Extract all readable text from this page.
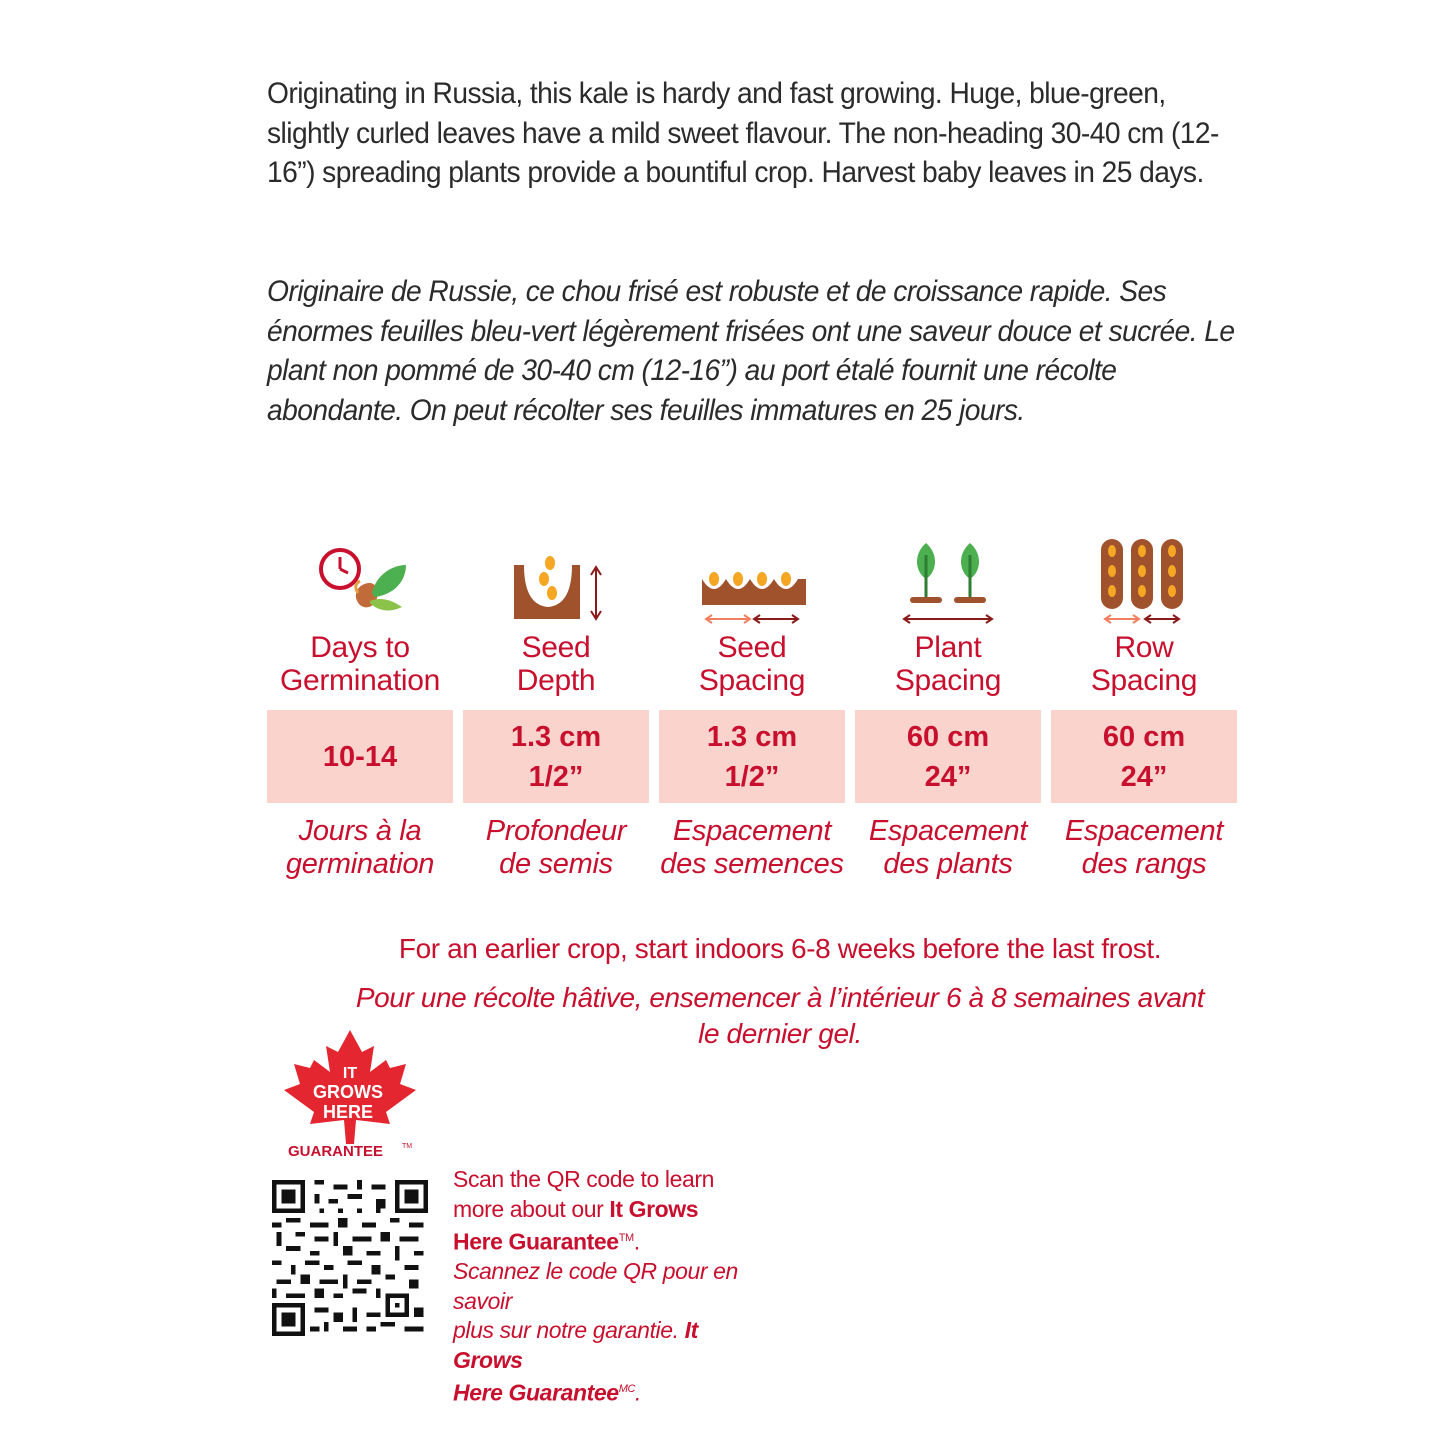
Originating in Russia, this kale is hardy and fast growing. Huge, blue-green, slightly curled leaves have a mild sweet flavour. The non-heading 30-40 cm (12-16”) spreading plants provide a bountiful crop. Harvest baby leaves in 25 days.

Originaire de Russie, ce chou frisé est robuste et de croissance rapide. Ses énormes feuilles bleu-vert légèrement frisées ont une saveur douce et sucrée. Le plant non pommé de 30-40 cm (12-16”) au port étalé fournit une récolte abondante. On peut récolter ses feuilles immatures en 25 jours.

Days to
Germination
10-14
Jours à la
germination
Seed
Depth
1.3 cm
1/2”
Profondeur
de semis
Seed
Spacing
1.3 cm
1/2”
Espacement
des semences
Plant
Spacing
60 cm
24”
Espacement
des plants
Row
Spacing
60 cm
24”
Espacement
des rangs

For an earlier crop, start indoors 6-8 weeks before the last frost.

Pour une récolte hâtive, ensemencer à l’intérieur 6 à 8 semaines avant
le dernier gel.
IT
GROWS
HERE
GUARANTEE	TM

Scan the QR code to learn
more about our It Grows
Here Guarantee™.

Scannez le code QR pour en savoir
plus sur notre garantie. It Grows
Here Guarantee$^{MC}$.
